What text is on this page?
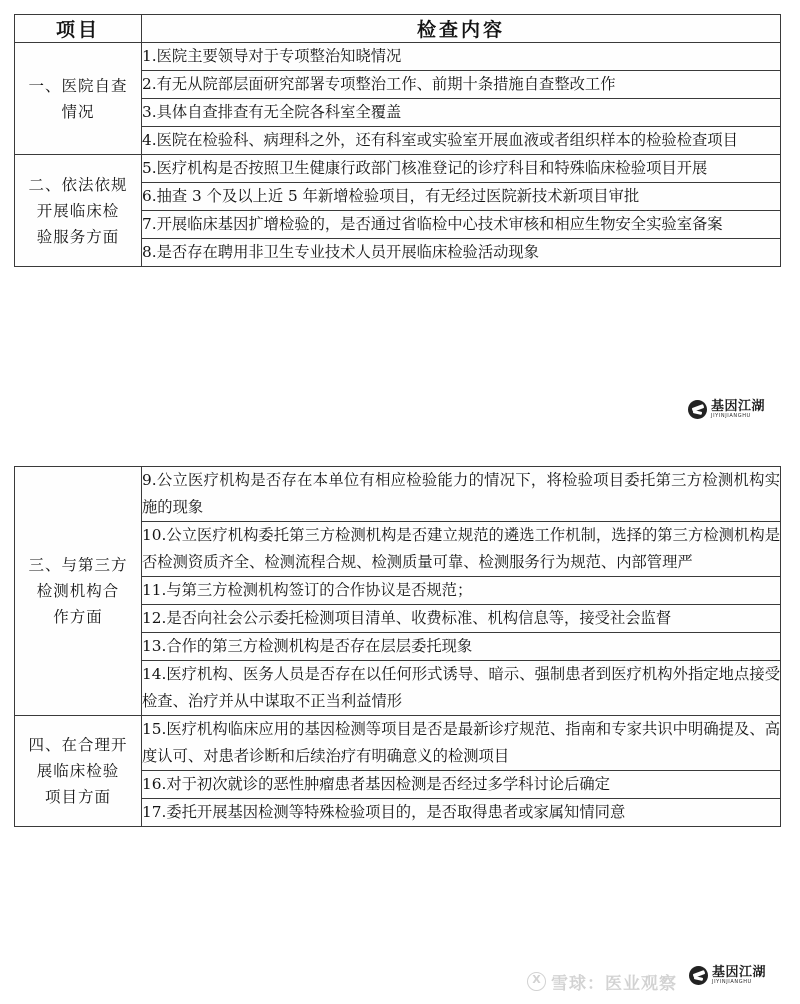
项目	检查内容

一、医院自查
情况	1.医院主要领导对于专项整治知晓情况
	2.有无从院部层面研究部署专项整治工作、前期十条措施自查整改工作
	3.具体自查排查有无全院各科室全覆盖
	4.医院在检验科、病理科之外，还有科室或实验室开展血液或者组织样本的检验检查项目

二、依法依规
开展临床检
验服务方面	5.医疗机构是否按照卫生健康行政部门核准登记的诊疗科目和特殊临床检验项目开展
	6.抽查 3 个及以上近 5 年新增检验项目，有无经过医院新技术新项目审批
	7.开展临床基因扩增检验的，是否通过省临检中心技术审核和相应生物安全实验室备案
	8.是否存在聘用非卫生专业技术人员开展临床检验活动现象
三、与第三方
检测机构合
作方面	9.公立医疗机构是否存在本单位有相应检验能力的情况下，将检验项目委托第三方检测机构实施的现象
	10.公立医疗机构委托第三方检测机构是否建立规范的遴选工作机制，选择的第三方检测机构是否检测资质齐全、检测流程合规、检测质量可靠、检测服务行为规范、内部管理严
	11.与第三方检测机构签订的合作协议是否规范；
	12.是否向社会公示委托检测项目清单、收费标准、机构信息等，接受社会监督
	13.合作的第三方检测机构是否存在层层委托现象
	14.医疗机构、医务人员是否存在以任何形式诱导、暗示、强制患者到医疗机构外指定地点接受检查、治疗并从中谋取不正当利益情形

四、在合理开
展临床检验
项目方面	15.医疗机构临床应用的基因检测等项目是否是最新诊疗规范、指南和专家共识中明确提及、高度认可、对患者诊断和后续治疗有明确意义的检测项目
	16.对于初次就诊的恶性肿瘤患者基因检测是否经过多学科讨论后确定
	17.委托开展基因检测等特殊检验项目的，是否取得患者或家属知情同意
基因江湖
JIYINJIANGHU
X
雪球：医业观察
基因江湖
JIYINJIANGHU
